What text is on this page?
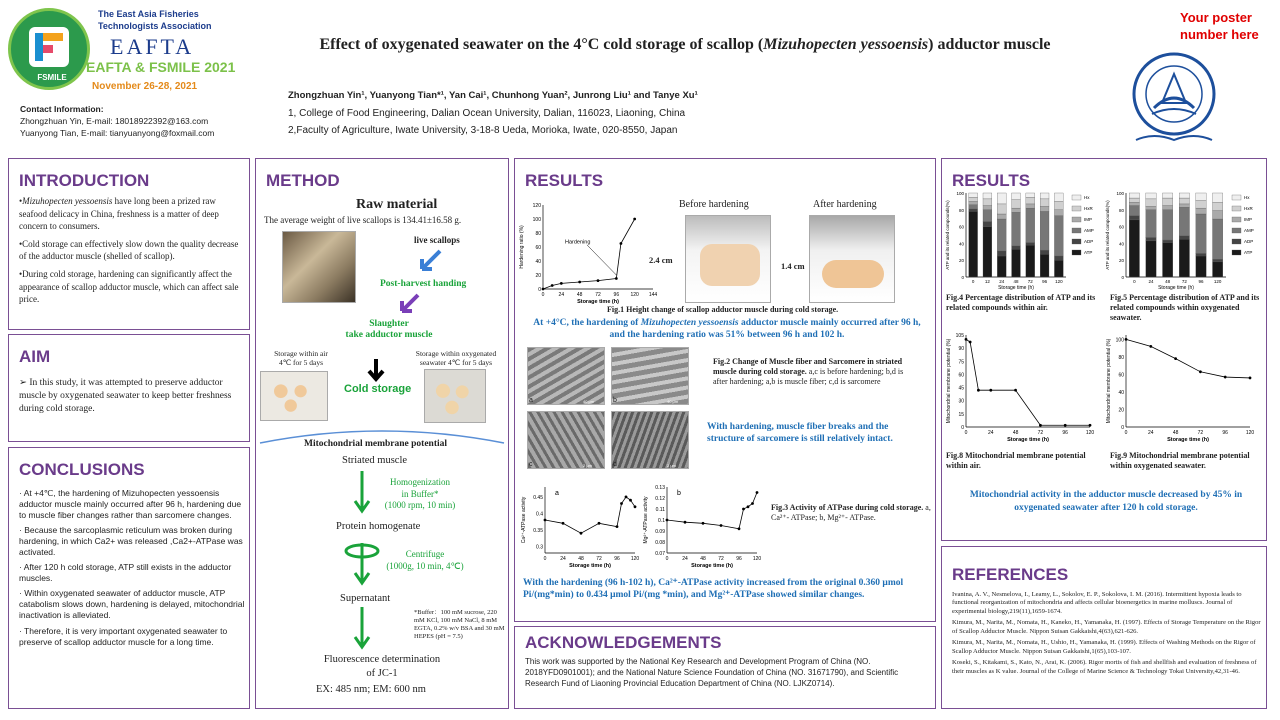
FSMILE
The East Asia Fisheries
Technologists Association
EAFTA
EAFTA & FSMILE 2021
November 26-28, 2021
Effect of oxygenated seawater on the 4°C cold storage of scallop (Mizuhopecten yessoensis) adductor muscle
Your poster number here
Zhongzhuan Yin¹, Yuanyong Tian*¹, Yan Cai¹, Chunhong Yuan², Junrong Liu¹ and Tanye Xu¹
1, College of Food Engineering, Dalian Ocean University, Dalian, 116023, Liaoning, China
2,Faculty of Agriculture, Iwate University, 3-18-8 Ueda, Morioka, Iwate, 020-8550, Japan
Contact Information:
Zhongzhuan Yin, E-mail: 18018922392@163.com
Yuanyong Tian, E-mail: tianyuanyong@foxmail.com
INTRODUCTION
•Mizuhopecten yessoensis have long been a prized raw seafood delicacy in China, freshness is a matter of deep concern to consumers.
•Cold storage can effectively slow down the quality decrease of the adductor muscle (shelled of scallop).
•During cold storage, hardening can significantly affect the appearance of scallop adductor muscle, which can affect sale price.
AIM
➢ In this study, it was attempted to preserve adductor muscle by oxygenated seawater to keep better freshness during cold storage.
CONCLUSIONS
· At +4℃, the hardening of Mizuhopecten yessoensis adductor muscle mainly occurred after 96 h, hardening due to muscle fiber changes rather than sarcomere changes.
· Because the sarcoplasmic reticulum was broken during hardening, in which Ca2+ was released ,Ca2+-ATPase was activated.
· After 120 h cold storage, ATP still exists in the adductor muscles.
· Within oxygenated seawater of adductor muscle, ATP catabolism slows down, hardening is delayed, mitochondrial inactivation is alleviated.
· Therefore, it is very important oxygenated seawater to preserve of scallop adductor muscle for a long time.
METHOD
Raw material
The average weight of live scallops is 134.41±16.58 g.
live scallops
Post-harvest handing
Slaughter
take adductor muscle
Storage within air
4℃ for 5 days
Storage within oxygenated
seawater 4℃ for 5 days
Cold storage
Mitochondrial membrane potential
Striated muscle
Homogenization
in Buffer*
(1000 rpm, 10 min)
Protein homogenate
Centrifuge
(1000g, 10 min, 4℃)
Supernatant
*Buffer：100 mM sucrose, 220 mM KCl, 100 mM NaCl, 8 mM EGTA, 0.2% w/v BSA and 30 mM HEPES (pH = 7.5)
Fluorescence determination
of JC-1
EX: 485 nm; EM: 600 nm
RESULTS
0	24	48	72	96 120 144
0
20
40
60
80
100
120
Storage time (h)
Hardening ratio (%)	Hardening
Before hardening	After hardening
2.4 cm
1.4 cm
Fig.1 Height change of scallop adductor muscle during cold storage.
At +4°C, the hardening of Mizuhopecten yessoensis adductor muscle mainly occurred after 96 h, and the hardening ratio was 51% between 96 h and 102 h.
a	b
c	d
40 μm	40 μm
2 μm	2 μm
Fig.2 Change of Muscle fiber and Sarcomere in striated muscle during cold storage. a,c is before hardening; b,d is after hardening; a,b is muscle fiber; c,d is sarcomere
With hardening, muscle fiber breaks and the structure of sarcomere is still relatively intact.
0	24 48 72 96 120
0.3
0.35
0.4
0.45
Storage time (h)
Ca²⁺-ATPase activity
a
0	24 48 72 96 120
0.07
0.08
0.09
0.1
0.11
0.12
0.13
Storage time (h)
Mg²⁺-ATPase activity
b
Fig.3 Activity of ATPase during cold storage. a, Ca²⁺- ATPase; b, Mg²⁺- ATPase.
With the hardening (96 h-102 h), Ca²⁺-ATPase activity increased from the original 0.360 μmol Pi/(mg*min) to 0.434 μmol Pi/(mg *min), and Mg²⁺-ATPase showed similar changes.
ACKNOWLEDGEMENTS
This work was supported by the National Key Research and Development Program of China (NO. 2018YFD0901001); and the National Nature Science Foundation of China (NO. 31671790), and Scientific Research Fund of Liaoning Provincial Education Department of China (NO. LJKZ0714).
RESULTS
0
20
40
60
80
100
0 12 24 48 72 96 120
Storage time (h)
ATP and its related compounds(%)
Hx
HxR
IMP
AMP
ADP
ATP
0
20
40
60
80
100
0	24	48	72	96 120
Storage time (h)
ATP and its related compounds(%)
Hx
HxR
IMP
AMP
ADP
ATP
Fig.4 Percentage distribution of ATP and its related compounds within air.
Fig.5 Percentage distribution of ATP and its related compounds within oxygenated seawater.
0	24	48	72	96	120
0
15
30
45
60
75
90
105
Storage time (h)
Mitochondrial membrane potential (%)
0	24	48	72	96	120
0
20
40
60
80
100
Storage time (h)
Mitochondrial membrane potential (%)
Fig.8 Mitochondrial membrane potential within air.
Fig.9 Mitochondrial membrane potential within oxygenated seawater.
Mitochondrial activity in the adductor muscle decreased by 45% in oxygenated seawater after 120 h cold storage.
REFERENCES
Ivanina, A. V., Nesmelova, I., Leamy, L., Sokolov, E. P., Sokolova, I. M. (2016). Intermittent hypoxia leads to functional reorganization of mitochondria and affects cellular bioenergetics in marine molluscs. Journal of experimental biology,219(11),1659-1674.
Kimura, M., Narita, M., Nomata, H., Kaneko, H., Yamanaka, H. (1997). Effects of Storage Temperature on the Rigor of Scallop Adductor Muscle. Nippon Suisan Gakkaishi,4(63),621-626.
Kimura, M., Narita, M., Nomata, H., Ushio, H., Yamanaka, H. (1999). Effects of Washing Methods on the Rigor of Scallop Adductor Muscle. Nippon Suisan Gakkaishi,1(65),103-107.
Koseki, S., Kitakami, S., Kato, N., Arai, K. (2006). Rigor mortis of fish and shellfish and evaluation of freshness of their muscles as K value. Journal of the College of Marine Science & Technology Tokai University,42,31-46.
